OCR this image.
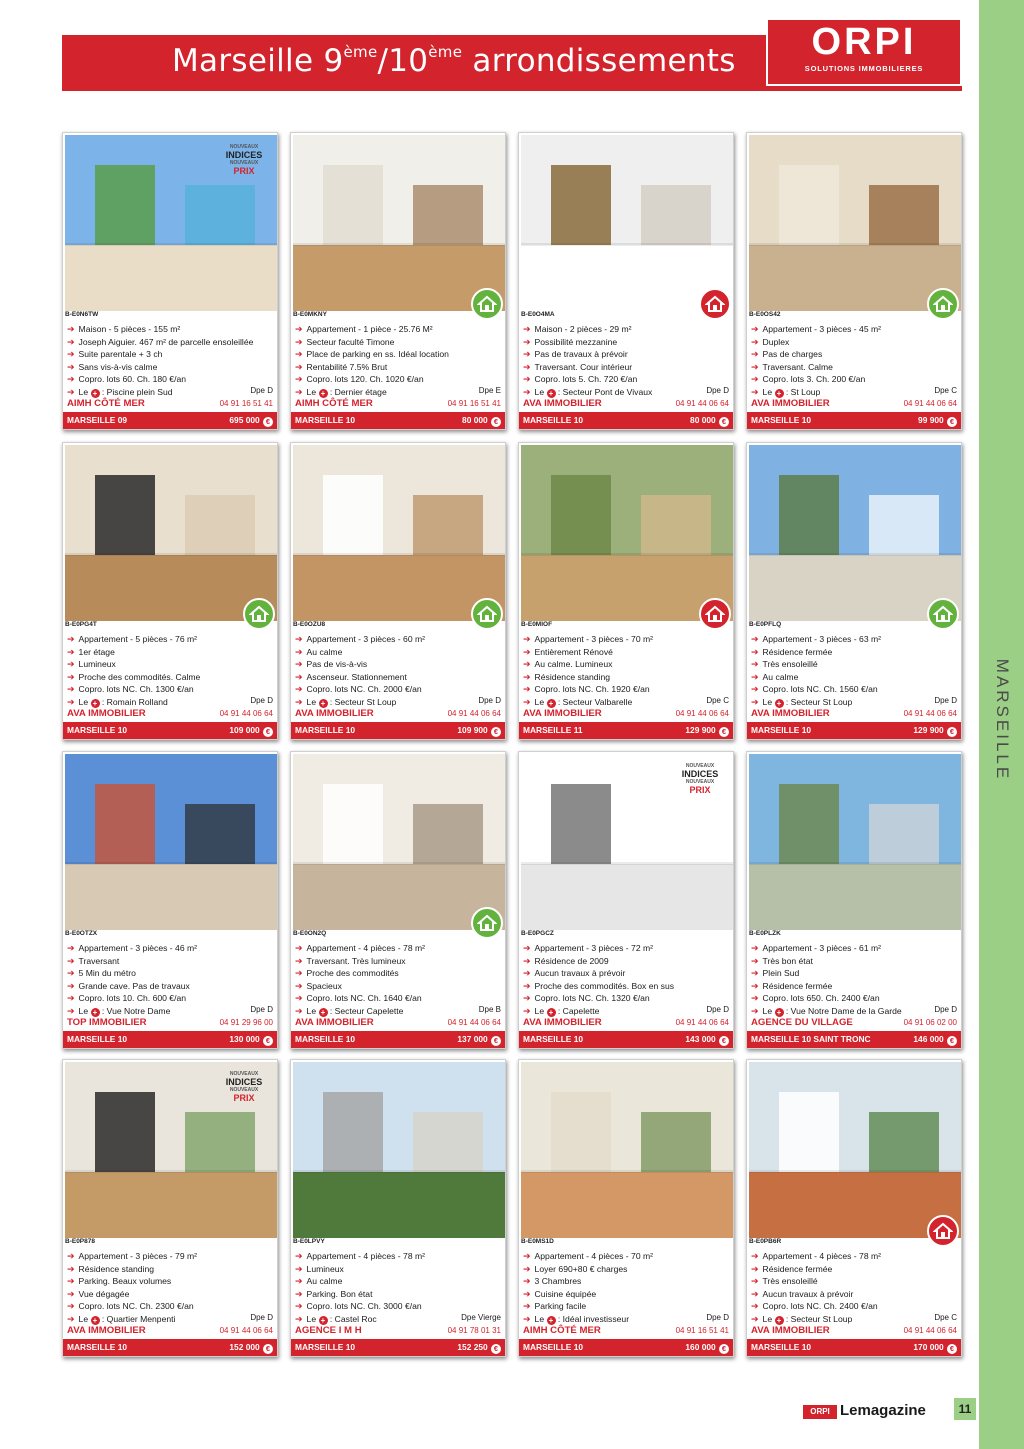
Marseille 9ème/10ème arrondissements	ORPI
SOLUTIONS IMMOBILIERES
MARSEILLE
NOUVEAUX
INDICES
NOUVEAUX
PRIX
B-E0N6TW
➔ Maison - 5 pièces - 155 m²
➔ Joseph Aiguier. 467 m² de parcelle ensoleillée
➔ Suite parentale + 3 ch
➔ Sans vis-à-vis calme
➔ Copro. lots 60. Ch. 180 €/an
➔ Le + : Piscine plein Sud	Dpe D
AIMH CÔTÉ MER	04 91 16 51 41
MARSEILLE 09	695 000 €
B-E0MKNY
➔ Appartement - 1 pièce - 25.76 M²
➔ Secteur faculté Timone
➔ Place de parking en ss. Idéal location
➔ Rentabilité 7.5% Brut
➔ Copro. lots 120. Ch. 1020 €/an
➔ Le + : Dernier étage	Dpe E
AIMH CÔTÉ MER	04 91 16 51 41
MARSEILLE 10	80 000 €
B-E0O4MA
➔ Maison - 2 pièces - 29 m²
➔ Possibilité mezzanine
➔ Pas de travaux à prévoir
➔ Traversant. Cour intérieur
➔ Copro. lots 5. Ch. 720 €/an
➔ Le + : Secteur Pont de Vivaux	Dpe D
AVA IMMOBILIER	04 91 44 06 64
MARSEILLE 10	80 000 €
B-E0OS42
➔ Appartement - 3 pièces - 45 m²
➔ Duplex
➔ Pas de charges
➔ Traversant. Calme
➔ Copro. lots 3. Ch. 200 €/an
➔ Le + : St Loup	Dpe C
AVA IMMOBILIER	04 91 44 06 64
MARSEILLE 10	99 900 €
B-E0PG4T
➔ Appartement - 5 pièces - 76 m²
➔ 1er étage
➔ Lumineux
➔ Proche des commodités. Calme
➔ Copro. lots NC. Ch. 1300 €/an
➔ Le + : Romain Rolland	Dpe D
AVA IMMOBILIER	04 91 44 06 64
MARSEILLE 10	109 000 €
B-E0OZU8
➔ Appartement - 3 pièces - 60 m²
➔ Au calme
➔ Pas de vis-à-vis
➔ Ascenseur. Stationnement
➔ Copro. lots NC. Ch. 2000 €/an
➔ Le + : Secteur St Loup	Dpe D
AVA IMMOBILIER	04 91 44 06 64
MARSEILLE 10	109 900 €
B-E0MIOF
➔ Appartement - 3 pièces - 70 m²
➔ Entièrement Rénové
➔ Au calme. Lumineux
➔ Résidence standing
➔ Copro. lots NC. Ch. 1920 €/an
➔ Le + : Secteur Valbarelle	Dpe C
AVA IMMOBILIER	04 91 44 06 64
MARSEILLE 11	129 900 €
B-E0PFLQ
➔ Appartement - 3 pièces - 63 m²
➔ Résidence fermée
➔ Très ensoleillé
➔ Au calme
➔ Copro. lots NC. Ch. 1560 €/an
➔ Le + : Secteur St Loup	Dpe D
AVA IMMOBILIER	04 91 44 06 64
MARSEILLE 10	129 900 €
B-E0OTZX
➔ Appartement - 3 pièces - 46 m²
➔ Traversant
➔ 5 Min du métro
➔ Grande cave. Pas de travaux
➔ Copro. lots 10. Ch. 600 €/an
➔ Le + : Vue Notre Dame	Dpe D
TOP IMMOBILIER	04 91 29 96 00
MARSEILLE 10	130 000 €
B-E0ON2Q
➔ Appartement - 4 pièces - 78 m²
➔ Traversant. Très lumineux
➔ Proche des commodités
➔ Spacieux
➔ Copro. lots NC. Ch. 1640 €/an
➔ Le + : Secteur Capelette	Dpe B
AVA IMMOBILIER	04 91 44 06 64
MARSEILLE 10	137 000 €
NOUVEAUX
INDICES
NOUVEAUX
PRIX
B-E0PGCZ
➔ Appartement - 3 pièces - 72 m²
➔ Résidence de 2009
➔ Aucun travaux à prévoir
➔ Proche des commodités. Box en sus
➔ Copro. lots NC. Ch. 1320 €/an
➔ Le + : Capelette	Dpe D
AVA IMMOBILIER	04 91 44 06 64
MARSEILLE 10	143 000 €
B-E0PLZK
➔ Appartement - 3 pièces - 61 m²
➔ Très bon état
➔ Plein Sud
➔ Résidence fermée
➔ Copro. lots 650. Ch. 2400 €/an
➔ Le + : Vue Notre Dame de la Garde	Dpe D
AGENCE DU VILLAGE	04 91 06 02 00
MARSEILLE 10 SAINT TRONC	146 000 €
NOUVEAUX
INDICES
NOUVEAUX
PRIX
B-E0P878
➔ Appartement - 3 pièces - 79 m²
➔ Résidence standing
➔ Parking. Beaux volumes
➔ Vue dégagée
➔ Copro. lots NC. Ch. 2300 €/an
➔ Le + : Quartier Menpenti	Dpe D
AVA IMMOBILIER	04 91 44 06 64
MARSEILLE 10	152 000 €
B-E0LPVY
➔ Appartement - 4 pièces - 78 m²
➔ Lumineux
➔ Au calme
➔ Parking. Bon état
➔ Copro. lots NC. Ch. 3000 €/an
➔ Le + : Castel Roc	Dpe Vierge
AGENCE I M H	04 91 78 01 31
MARSEILLE 10	152 250 €
B-E0MS1D
➔ Appartement - 4 pièces - 70 m²
➔ Loyer 690+80 € charges
➔ 3 Chambres
➔ Cuisine équipée
➔ Parking facile
➔ Le + : Idéal investisseur	Dpe D
AIMH CÔTÉ MER	04 91 16 51 41
MARSEILLE 10	160 000 €
B-E0PB6R
➔ Appartement - 4 pièces - 78 m²
➔ Résidence fermée
➔ Très ensoleillé
➔ Aucun travaux à prévoir
➔ Copro. lots NC. Ch. 2400 €/an
➔ Le + : Secteur St Loup	Dpe C
AVA IMMOBILIER	04 91 44 06 64
MARSEILLE 10	170 000 €
ORPI Lemagazine	11
